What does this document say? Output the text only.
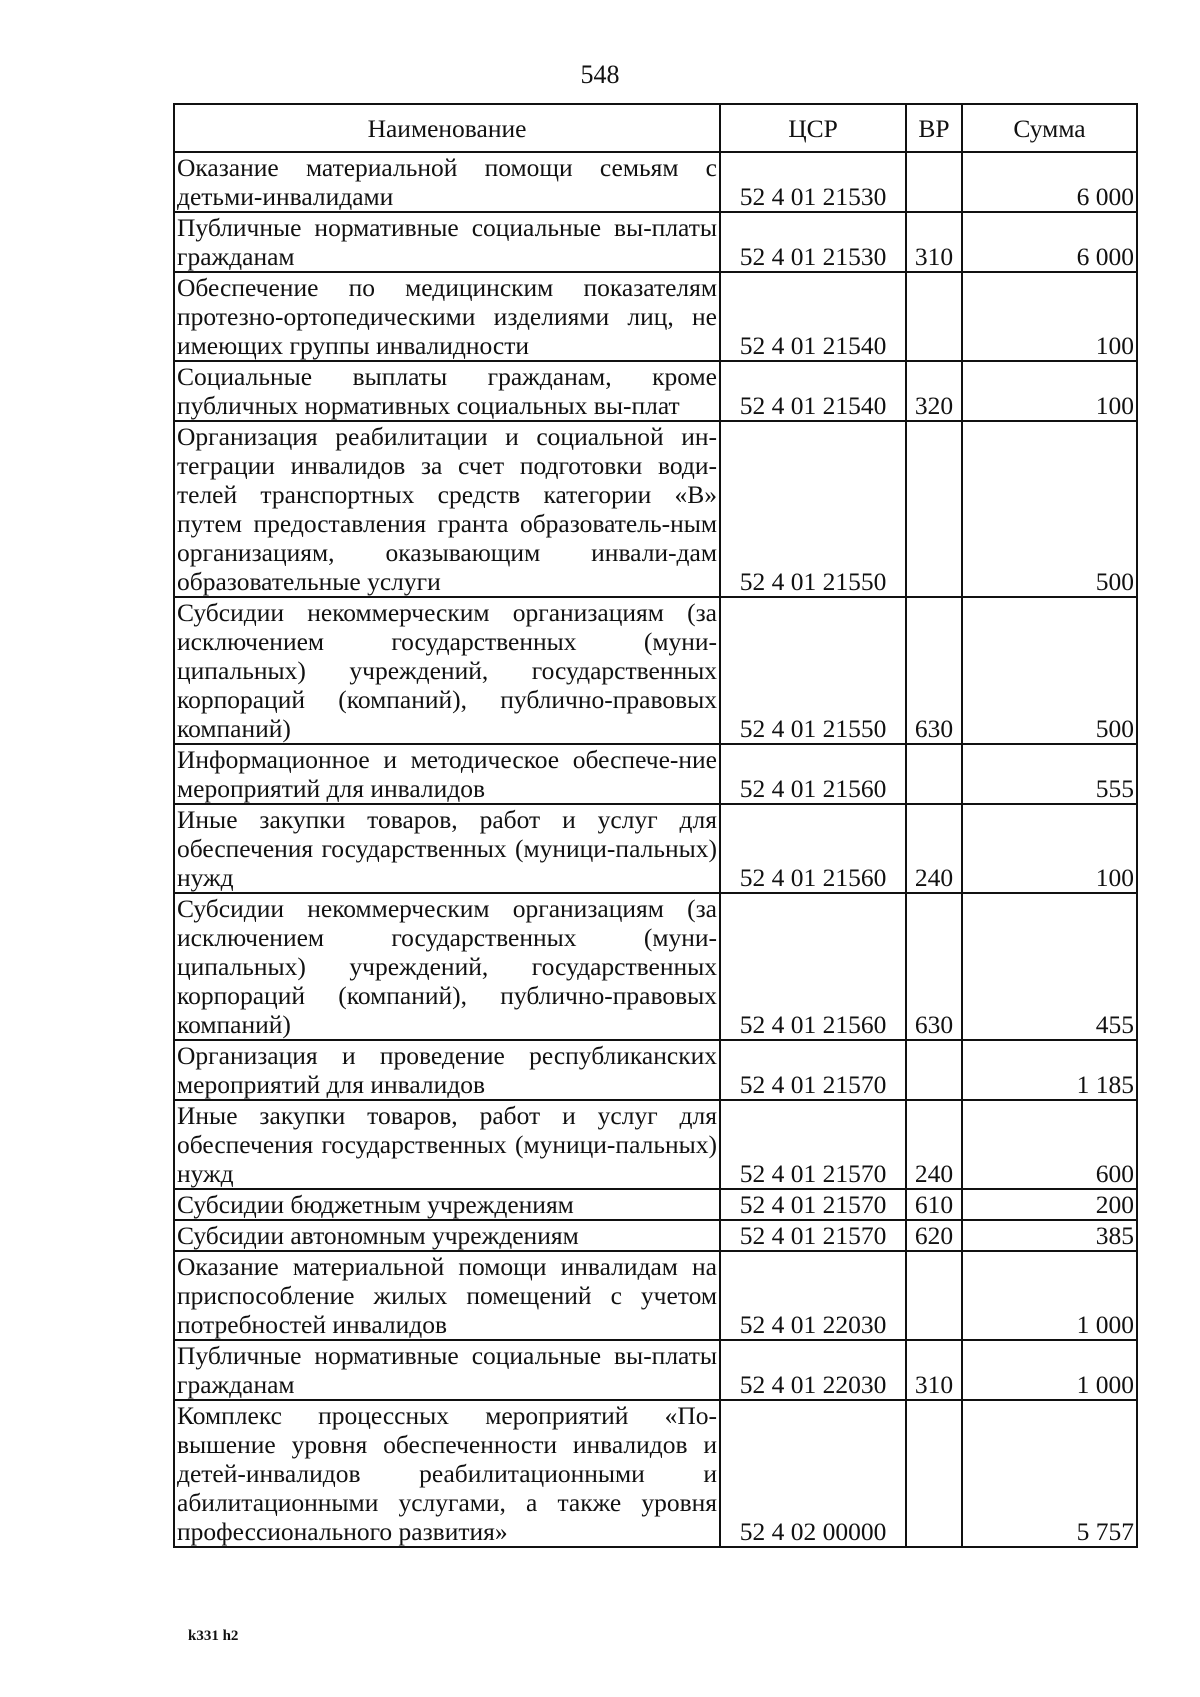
548
Наименование	ЦСР	ВР	Сумма
Оказание материальной помощи семьям с детьми-инвалидами	52 4 01 21530		6 000
Публичные нормативные социальные вы-платы гражданам	52 4 01 21530	310	6 000
Обеспечение по медицинским показателям протезно-ортопедическими изделиями лиц, не имеющих группы инвалидности	52 4 01 21540		100
Социальные выплаты гражданам, кроме публичных нормативных социальных вы-плат	52 4 01 21540	320	100
Организация реабилитации и социальной ин-теграции инвалидов за счет подготовки води-телей транспортных средств категории «В» путем предоставления гранта образователь-ным организациям, оказывающим инвали-дам образовательные услуги	52 4 01 21550		500
Субсидии некоммерческим организациям (за исключением государственных (муни-ципальных) учреждений, государственных корпораций (компаний), публично-правовых компаний)	52 4 01 21550	630	500
Информационное и методическое обеспече-ние мероприятий для инвалидов	52 4 01 21560		555
Иные закупки товаров, работ и услуг для обеспечения государственных (муници-пальных) нужд	52 4 01 21560	240	100
Субсидии некоммерческим организациям (за исключением государственных (муни-ципальных) учреждений, государственных корпораций (компаний), публично-правовых компаний)	52 4 01 21560	630	455
Организация и проведение республиканских мероприятий для инвалидов	52 4 01 21570		1 185
Иные закупки товаров, работ и услуг для обеспечения государственных (муници-пальных) нужд	52 4 01 21570	240	600
Субсидии бюджетным учреждениям	52 4 01 21570	610	200
Субсидии автономным учреждениям	52 4 01 21570	620	385
Оказание материальной помощи инвалидам на приспособление жилых помещений с учетом потребностей инвалидов	52 4 01 22030		1 000
Публичные нормативные социальные вы-платы гражданам	52 4 01 22030	310	1 000
Комплекс процессных мероприятий «По-вышение уровня обеспеченности инвалидов и детей-инвалидов реабилитационными и абилитационными услугами, а также уровня профессионального развития»	52 4 02 00000		5 757
k331 h2
